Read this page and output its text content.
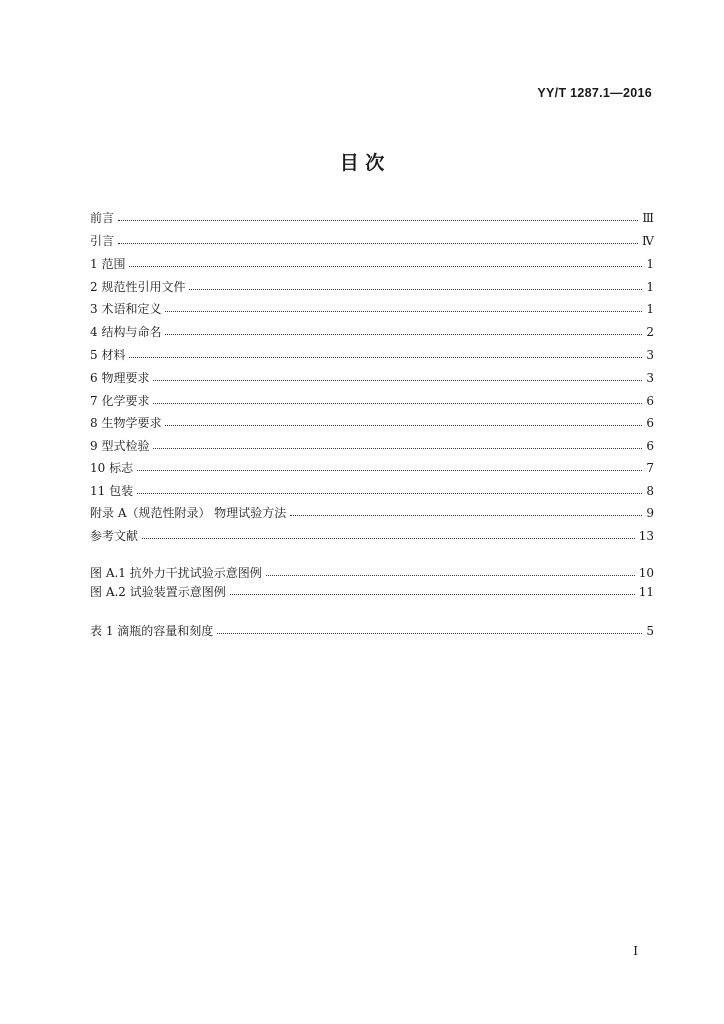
YY/T 1287.1—2016
目 次
前言	Ⅲ
引言	Ⅳ
1 范围	1
2 规范性引用文件	1
3 术语和定义	1
4 结构与命名	2
5 材料	3
6 物理要求	3
7 化学要求	6
8 生物学要求	6
9 型式检验	6
10 标志	7
11 包装	8
附录 A（规范性附录） 物理试验方法	9
参考文献	13
图 A.1 抗外力干扰试验示意图例	10
图 A.2 试验装置示意图例	11
表 1 滴瓶的容量和刻度	5
I
